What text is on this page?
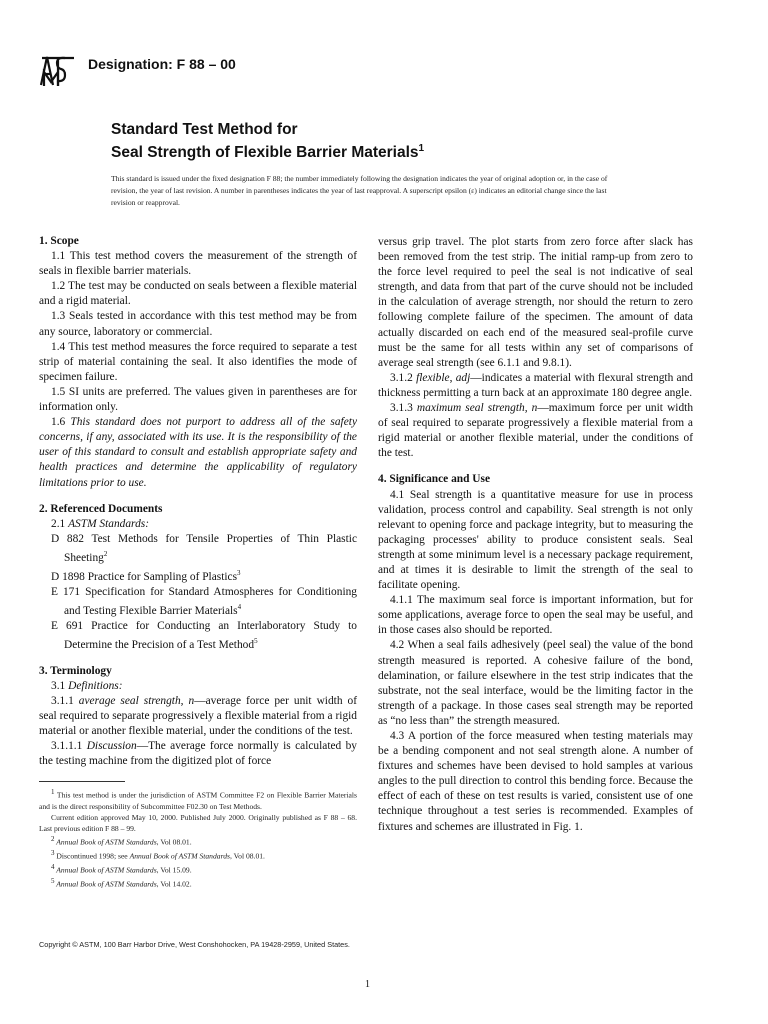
Designation: F 88 – 00
Standard Test Method for
Seal Strength of Flexible Barrier Materials$^1$
This standard is issued under the fixed designation F 88; the number immediately following the designation indicates the year of original adoption or, in the case of revision, the year of last revision. A number in parentheses indicates the year of last reapproval. A superscript epsilon (ε) indicates an editorial change since the last revision or reapproval.

1. Scope

1.1 This test method covers the measurement of the strength of seals in flexible barrier materials.

1.2 The test may be conducted on seals between a flexible material and a rigid material.

1.3 Seals tested in accordance with this test method may be from any source, laboratory or commercial.

1.4 This test method measures the force required to separate a test strip of material containing the seal. It also identifies the mode of specimen failure.

1.5 SI units are preferred. The values given in parentheses are for information only.

1.6 This standard does not purport to address all of the safety concerns, if any, associated with its use. It is the responsibility of the user of this standard to consult and establish appropriate safety and health practices and determine the applicability of regulatory limitations prior to use.

2. Referenced Documents

2.1 ASTM Standards:

D 882 Test Methods for Tensile Properties of Thin Plastic Sheeting$^2$

D 1898 Practice for Sampling of Plastics$^3$

E 171 Specification for Standard Atmospheres for Conditioning and Testing Flexible Barrier Materials$^4$

E 691 Practice for Conducting an Interlaboratory Study to Determine the Precision of a Test Method$^5$

3. Terminology

3.1 Definitions:

3.1.1 average seal strength, n—average force per unit width of seal required to separate progressively a flexible material from a rigid material or another flexible material, under the conditions of the test.

3.1.1.1 Discussion—The average force normally is calculated by the testing machine from the digitized plot of force

versus grip travel. The plot starts from zero force after slack has been removed from the test strip. The initial ramp-up from zero to the force level required to peel the seal is not indicative of seal strength, and data from that part of the curve should not be included in the calculation of average strength, nor should the return to zero following complete failure of the specimen. The amount of data actually discarded on each end of the measured seal-profile curve must be the same for all tests within any set of comparisons of average seal strength (see 6.1.1 and 9.8.1).

3.1.2 flexible, adj—indicates a material with flexural strength and thickness permitting a turn back at an approximate 180 degree angle.

3.1.3 maximum seal strength, n—maximum force per unit width of seal required to separate progressively a flexible material from a rigid material or another flexible material, under the conditions of the test.

4. Significance and Use

4.1 Seal strength is a quantitative measure for use in process validation, process control and capability. Seal strength is not only relevant to opening force and package integrity, but to measuring the packaging processes' ability to produce consistent seals. Seal strength at some minimum level is a necessary package requirement, and at times it is desirable to limit the strength of the seal to facilitate opening.

4.1.1 The maximum seal force is important information, but for some applications, average force to open the seal may be useful, and in those cases also should be reported.

4.2 When a seal fails adhesively (peel seal) the value of the bond strength measured is reported. A cohesive failure of the bond, delamination, or failure elsewhere in the test strip indicates that the substrate, not the seal interface, would be the limiting factor in the strength of a package. In those cases seal strength may be reported as “no less than” the strength measured.

4.3 A portion of the force measured when testing materials may be a bending component and not seal strength alone. A number of fixtures and schemes have been devised to hold samples at various angles to the pull direction to control this bending force. Because the effect of each of these on test results is varied, consistent use of one technique throughout a test series is recommended. Examples of fixtures and schemes are illustrated in Fig. 1.

$^1$ This test method is under the jurisdiction of ASTM Committee F2 on Flexible Barrier Materials and is the direct responsibility of Subcommittee F02.30 on Test Methods.

Current edition approved May 10, 2000. Published July 2000. Originally published as F 88 – 68. Last previous edition F 88 – 99.

$^2$ Annual Book of ASTM Standards, Vol 08.01.

$^3$ Discontinued 1998; see Annual Book of ASTM Standards, Vol 08.01.

$^4$ Annual Book of ASTM Standards, Vol 15.09.

$^5$ Annual Book of ASTM Standards, Vol 14.02.

Copyright © ASTM, 100 Barr Harbor Drive, West Conshohocken, PA 19428-2959, United States.
1
